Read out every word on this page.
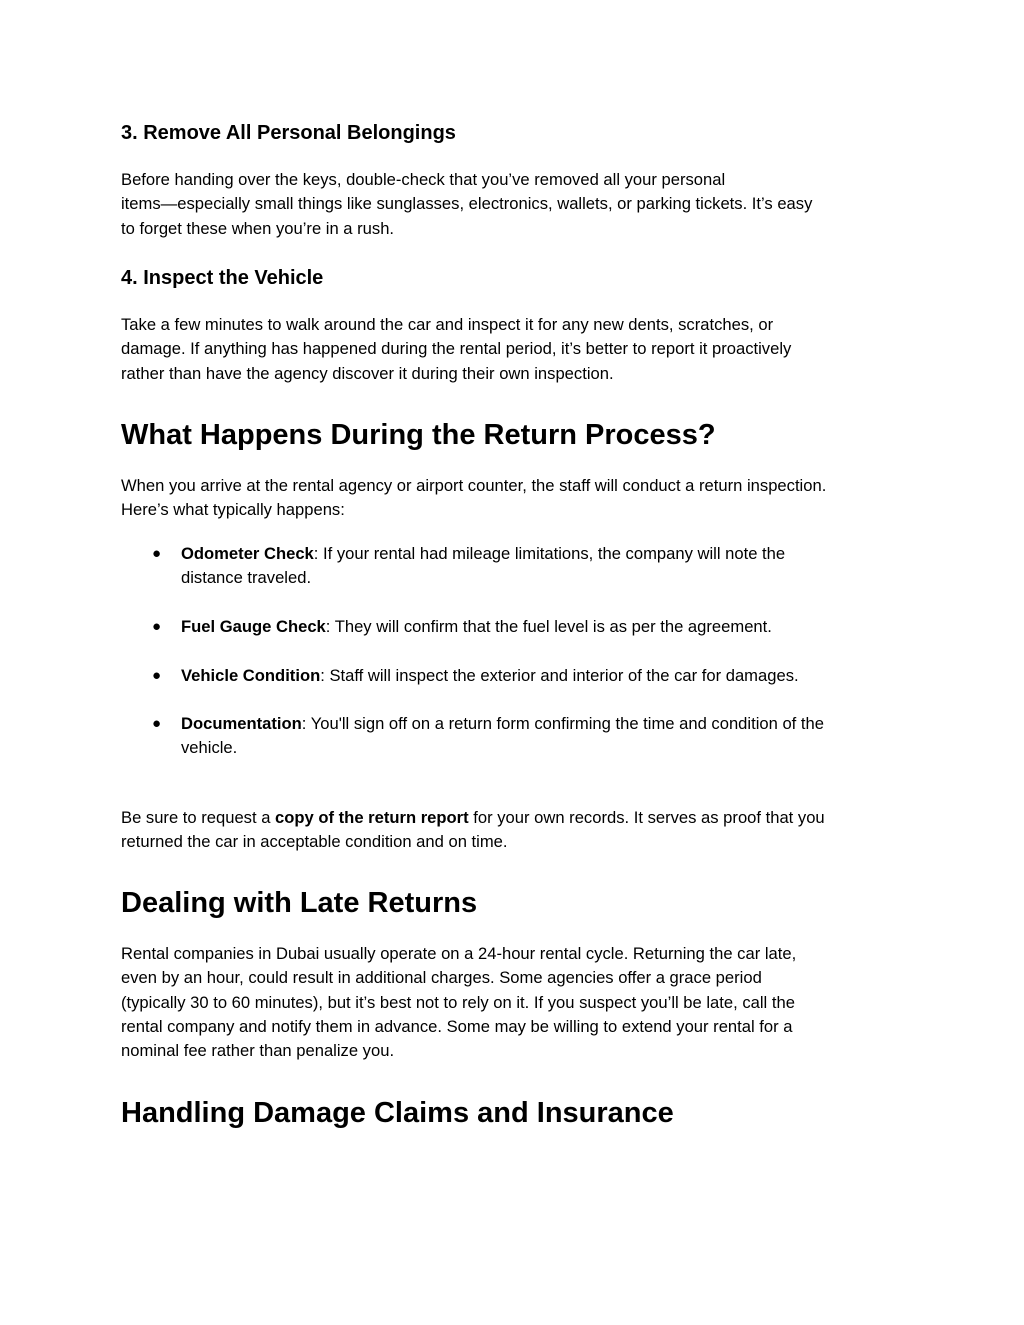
3. Remove All Personal Belongings
Before handing over the keys, double-check that you’ve removed all your personal
items—especially small things like sunglasses, electronics, wallets, or parking tickets. It’s easy
to forget these when you’re in a rush.
4. Inspect the Vehicle
Take a few minutes to walk around the car and inspect it for any new dents, scratches, or
damage. If anything has happened during the rental period, it’s better to report it proactively
rather than have the agency discover it during their own inspection.
What Happens During the Return Process?
When you arrive at the rental agency or airport counter, the staff will conduct a return inspection.
Here’s what typically happens:
● Odometer Check: If your rental had mileage limitations, the company will note the
distance traveled.
● Fuel Gauge Check: They will confirm that the fuel level is as per the agreement.
● Vehicle Condition: Staff will inspect the exterior and interior of the car for damages.
● Documentation: You'll sign off on a return form confirming the time and condition of the
vehicle.
Be sure to request a copy of the return report for your own records. It serves as proof that you
returned the car in acceptable condition and on time.
Dealing with Late Returns
Rental companies in Dubai usually operate on a 24-hour rental cycle. Returning the car late,
even by an hour, could result in additional charges. Some agencies offer a grace period
(typically 30 to 60 minutes), but it’s best not to rely on it. If you suspect you’ll be late, call the
rental company and notify them in advance. Some may be willing to extend your rental for a
nominal fee rather than penalize you.
Handling Damage Claims and Insurance
